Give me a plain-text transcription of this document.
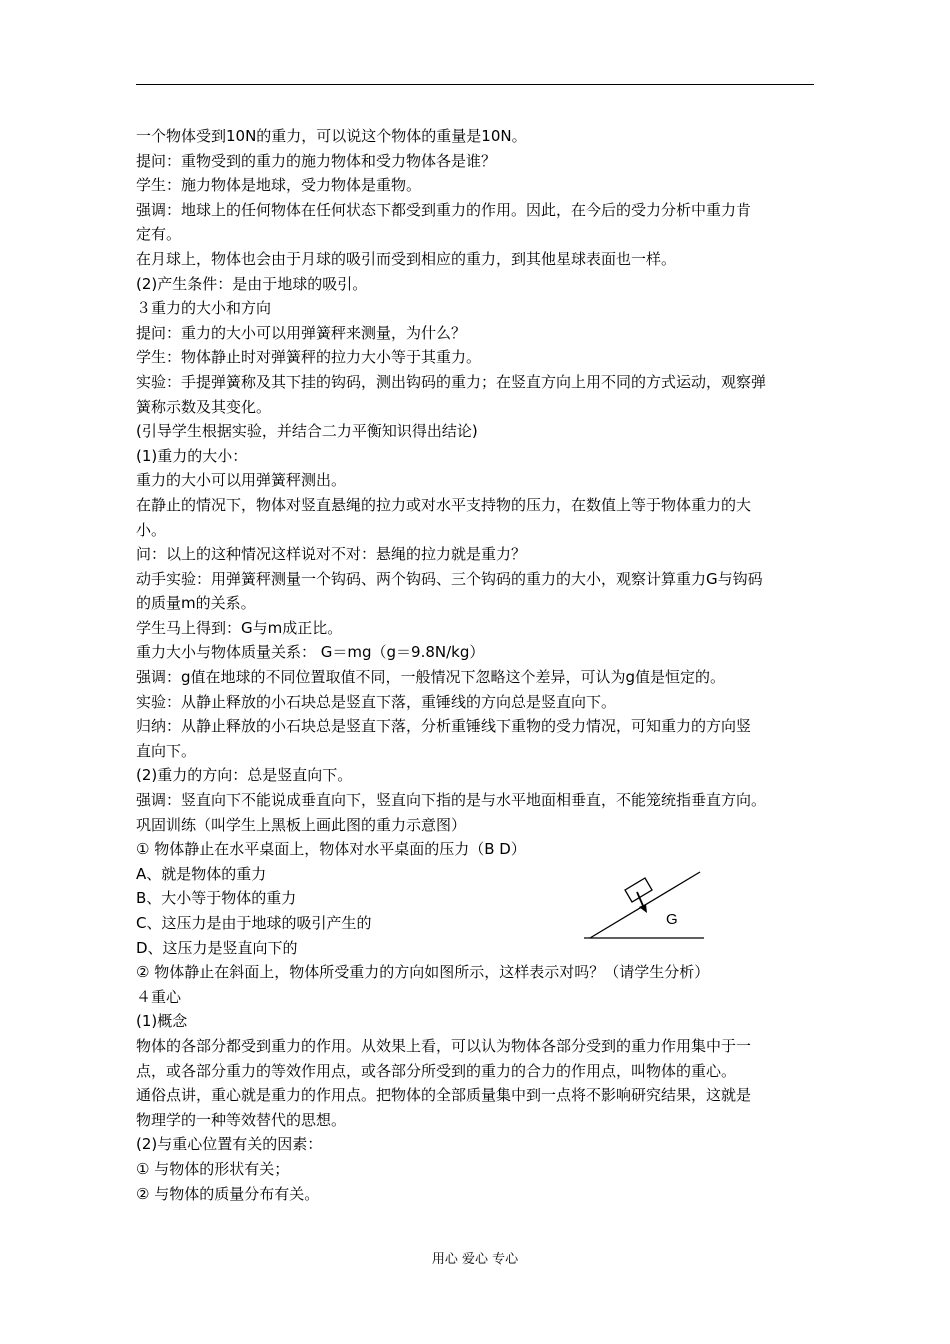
一个物体受到10N的重力，可以说这个物体的重量是10N。
提问：重物受到的重力的施力物体和受力物体各是谁？
学生：施力物体是地球，受力物体是重物。
强调：地球上的任何物体在任何状态下都受到重力的作用。因此，在今后的受力分析中重力肯
定有。
在月球上，物体也会由于月球的吸引而受到相应的重力，到其他星球表面也一样。
(2)产生条件：是由于地球的吸引。
３重力的大小和方向
提问：重力的大小可以用弹簧秤来测量，为什么？
学生：物体静止时对弹簧秤的拉力大小等于其重力。
实验：手提弹簧称及其下挂的钩码，测出钩码的重力；在竖直方向上用不同的方式运动，观察弹
簧称示数及其变化。
(引导学生根据实验，并结合二力平衡知识得出结论)
(1)重力的大小：
重力的大小可以用弹簧秤测出。
在静止的情况下，物体对竖直悬绳的拉力或对水平支持物的压力，在数值上等于物体重力的大
小。
问：以上的这种情况这样说对不对：悬绳的拉力就是重力？
动手实验：用弹簧秤测量一个钩码、两个钩码、三个钩码的重力的大小，观察计算重力G与钩码
的质量m的关系。
学生马上得到：G与m成正比。
重力大小与物体质量关系： G＝mg（g＝9.8N/kg）
强调：g值在地球的不同位置取值不同，一般情况下忽略这个差异，可认为g值是恒定的。
实验：从静止释放的小石块总是竖直下落，重锤线的方向总是竖直向下。
归纳：从静止释放的小石块总是竖直下落，分析重锤线下重物的受力情况，可知重力的方向竖
直向下。
(2)重力的方向：总是竖直向下。
强调：竖直向下不能说成垂直向下，竖直向下指的是与水平地面相垂直，不能笼统指垂直方向。
巩固训练（叫学生上黑板上画此图的重力示意图）
① 物体静止在水平桌面上，物体对水平桌面的压力（B D）
A、就是物体的重力
B、大小等于物体的重力
C、这压力是由于地球的吸引产生的
D、这压力是竖直向下的
② 物体静止在斜面上，物体所受重力的方向如图所示，这样表示对吗？（请学生分析）
４重心
(1)概念
物体的各部分都受到重力的作用。从效果上看，可以认为物体各部分受到的重力作用集中于一
点，或各部分重力的等效作用点，或各部分所受到的重力的合力的作用点，叫物体的重心。
通俗点讲，重心就是重力的作用点。把物体的全部质量集中到一点将不影响研究结果，这就是
物理学的一种等效替代的思想。
(2)与重心位置有关的因素：
① 与物体的形状有关；
② 与物体的质量分布有关。
G
用心 爱心 专心
